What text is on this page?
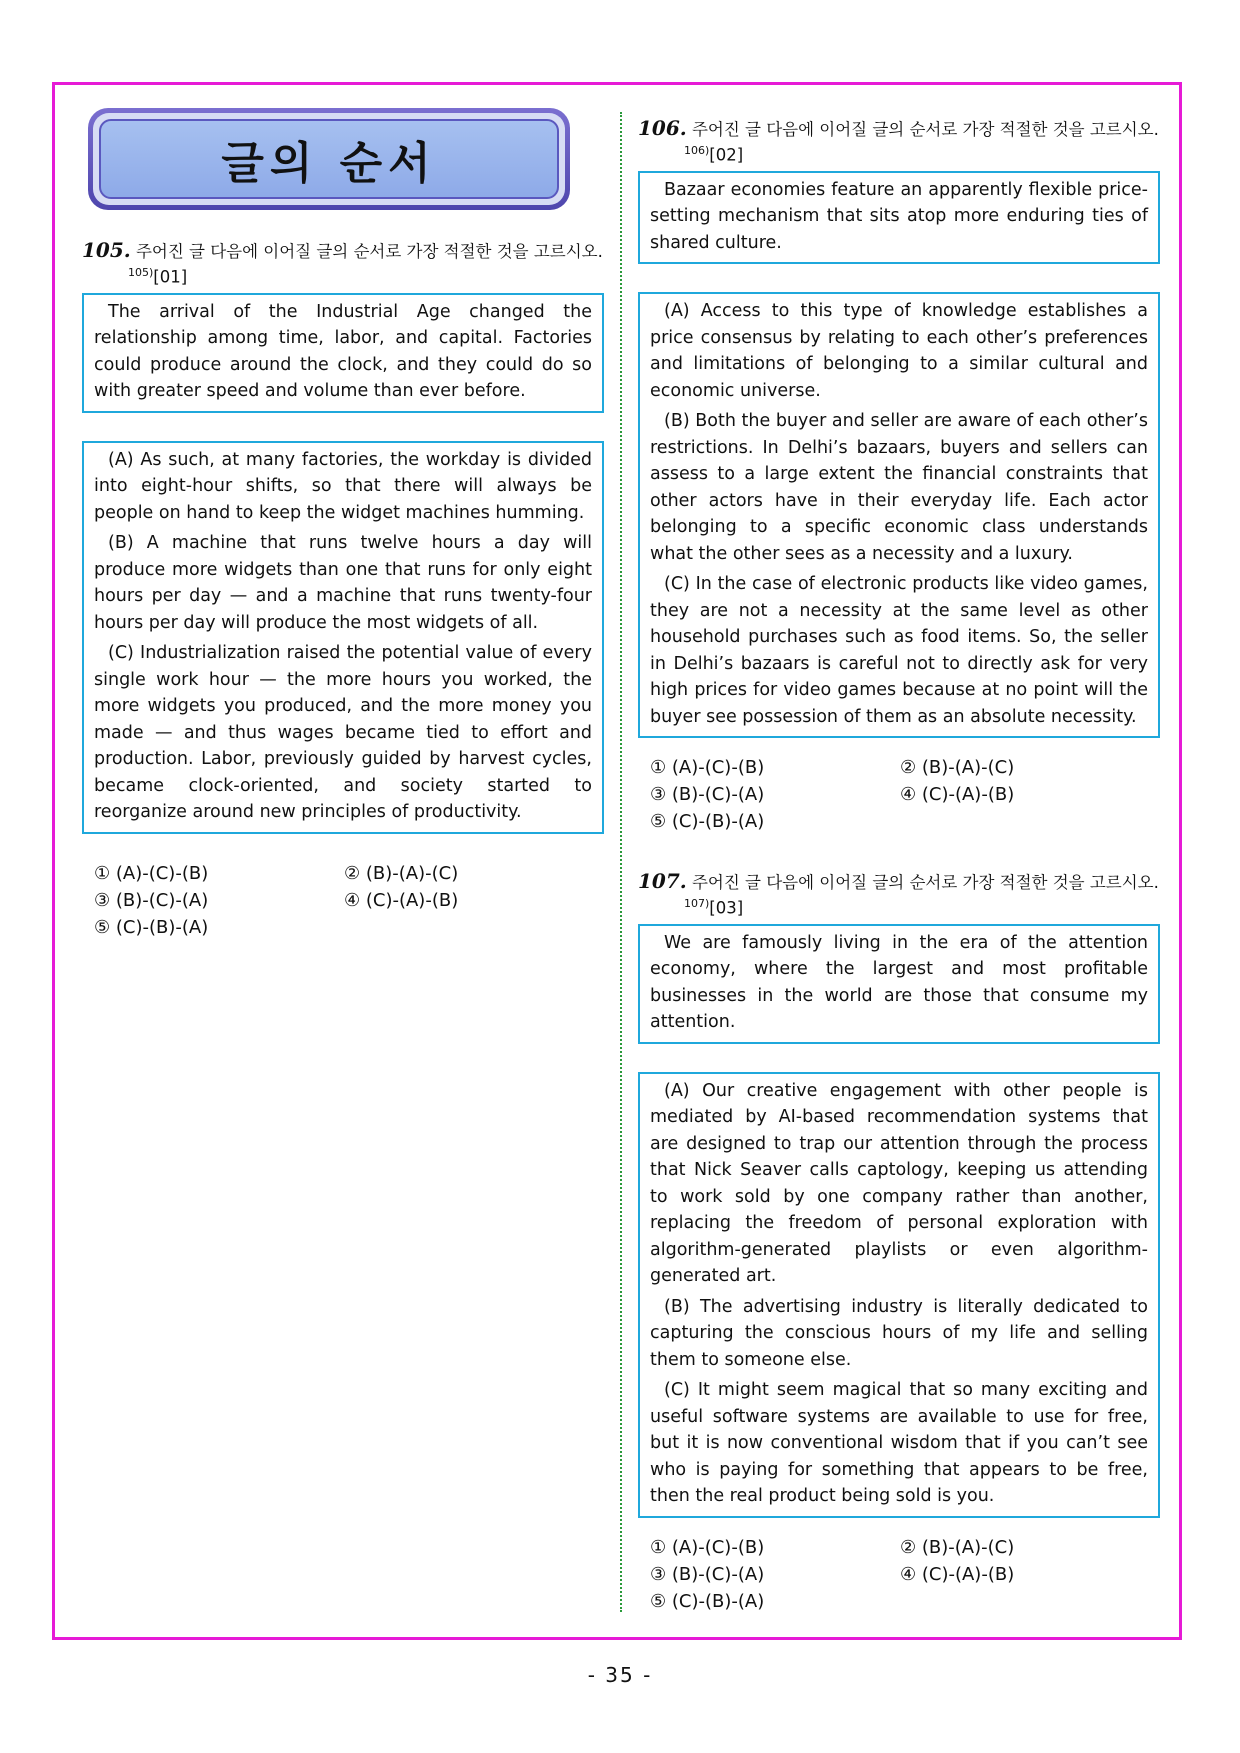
글의 순서
105. 주어진 글 다음에 이어질 글의 순서로 가장 적절한 것을 고르시오.
$^{105)}$[01]

The arrival of the Industrial Age changed the relationship among time, labor, and capital. Factories could produce around the clock, and they could do so with greater speed and volume than ever before.

(A) As such, at many factories, the workday is divided into eight-hour shifts, so that there will always be people on hand to keep the widget machines humming.

(B) A machine that runs twelve hours a day will produce more widgets than one that runs for only eight hours per day — and a machine that runs twenty-four hours per day will produce the most widgets of all.

(C) Industrialization raised the potential value of every single work hour — the more hours you worked, the more widgets you produced, and the more money you made — and thus wages became tied to effort and production. Labor, previously guided by harvest cycles, became clock-oriented, and society started to reorganize around new principles of productivity.

① (A)-(C)-(B)	② (B)-(A)-(C)
③ (B)-(C)-(A)	④ (C)-(A)-(B)
⑤ (C)-(B)-(A)
106. 주어진 글 다음에 이어질 글의 순서로 가장 적절한 것을 고르시오.
$^{106)}$[02]

Bazaar economies feature an apparently flexible price-setting mechanism that sits atop more enduring ties of shared culture.

(A) Access to this type of knowledge establishes a price consensus by relating to each other’s preferences and limitations of belonging to a similar cultural and economic universe.

(B) Both the buyer and seller are aware of each other’s restrictions. In Delhi’s bazaars, buyers and sellers can assess to a large extent the financial constraints that other actors have in their everyday life. Each actor belonging to a specific economic class understands what the other sees as a necessity and a luxury.

(C) In the case of electronic products like video games, they are not a necessity at the same level as other household purchases such as food items. So, the seller in Delhi’s bazaars is careful not to directly ask for very high prices for video games because at no point will the buyer see possession of them as an absolute necessity.

① (A)-(C)-(B)	② (B)-(A)-(C)
③ (B)-(C)-(A)	④ (C)-(A)-(B)
⑤ (C)-(B)-(A)
107. 주어진 글 다음에 이어질 글의 순서로 가장 적절한 것을 고르시오.
$^{107)}$[03]

We are famously living in the era of the attention economy, where the largest and most profitable businesses in the world are those that consume my attention.

(A) Our creative engagement with other people is mediated by AI-based recommendation systems that are designed to trap our attention through the process that Nick Seaver calls captology, keeping us attending to work sold by one company rather than another, replacing the freedom of personal exploration with algorithm-generated playlists or even algorithm-generated art.

(B) The advertising industry is literally dedicated to capturing the conscious hours of my life and selling them to someone else.

(C) It might seem magical that so many exciting and useful software systems are available to use for free, but it is now conventional wisdom that if you can’t see who is paying for something that appears to be free, then the real product being sold is you.

① (A)-(C)-(B)	② (B)-(A)-(C)
③ (B)-(C)-(A)	④ (C)-(A)-(B)
⑤ (C)-(B)-(A)
- 35 -
